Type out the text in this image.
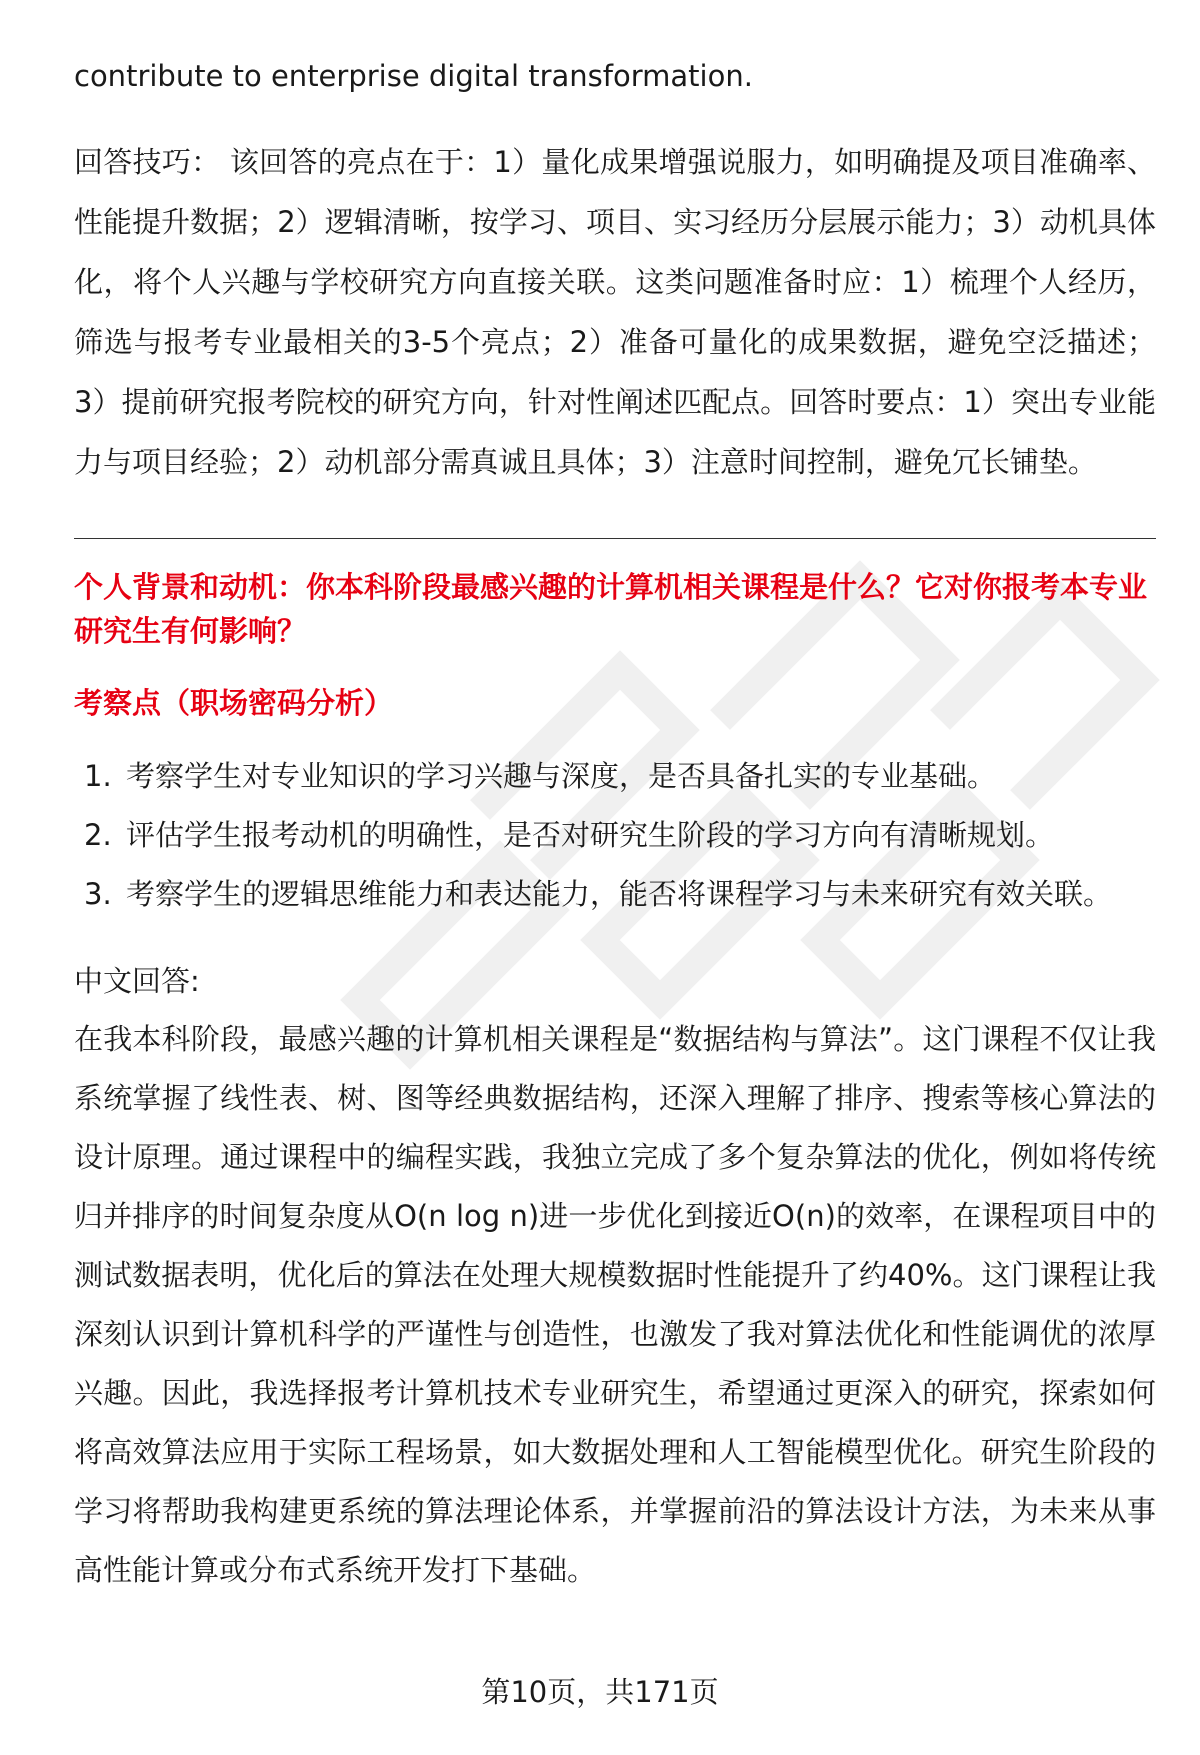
职场密码出品

contribute to enterprise digital transformation.

回答技巧： 该回答的亮点在于：1）量化成果增强说服力，如明确提及项目准确率、性能提升数据；2）逻辑清晰，按学习、项目、实习经历分层展示能力；3）动机具体化，将个人兴趣与学校研究方向直接关联。这类问题准备时应：1）梳理个人经历，筛选与报考专业最相关的3-5个亮点；2）准备可量化的成果数据，避免空泛描述；3）提前研究报考院校的研究方向，针对性阐述匹配点。回答时要点：1）突出专业能力与项目经验；2）动机部分需真诚且具体；3）注意时间控制，避免冗长铺垫。

个人背景和动机：你本科阶段最感兴趣的计算机相关课程是什么？它对你报考本专业研究生有何影响？

考察点（职场密码分析）

1. 考察学生对专业知识的学习兴趣与深度，是否具备扎实的专业基础。
2. 评估学生报考动机的明确性，是否对研究生阶段的学习方向有清晰规划。
3. 考察学生的逻辑思维能力和表达能力，能否将课程学习与未来研究有效关联。

中文回答:

在我本科阶段，最感兴趣的计算机相关课程是“数据结构与算法”。这门课程不仅让我系统掌握了线性表、树、图等经典数据结构，还深入理解了排序、搜索等核心算法的设计原理。通过课程中的编程实践，我独立完成了多个复杂算法的优化，例如将传统归并排序的时间复杂度从O(n log n)进一步优化到接近O(n)的效率，在课程项目中的测试数据表明，优化后的算法在处理大规模数据时性能提升了约40%。这门课程让我深刻认识到计算机科学的严谨性与创造性，也激发了我对算法优化和性能调优的浓厚兴趣。因此，我选择报考计算机技术专业研究生，希望通过更深入的研究，探索如何将高效算法应用于实际工程场景，如大数据处理和人工智能模型优化。研究生阶段的学习将帮助我构建更系统的算法理论体系，并掌握前沿的算法设计方法，为未来从事高性能计算或分布式系统开发打下基础。

第10页，共171页
